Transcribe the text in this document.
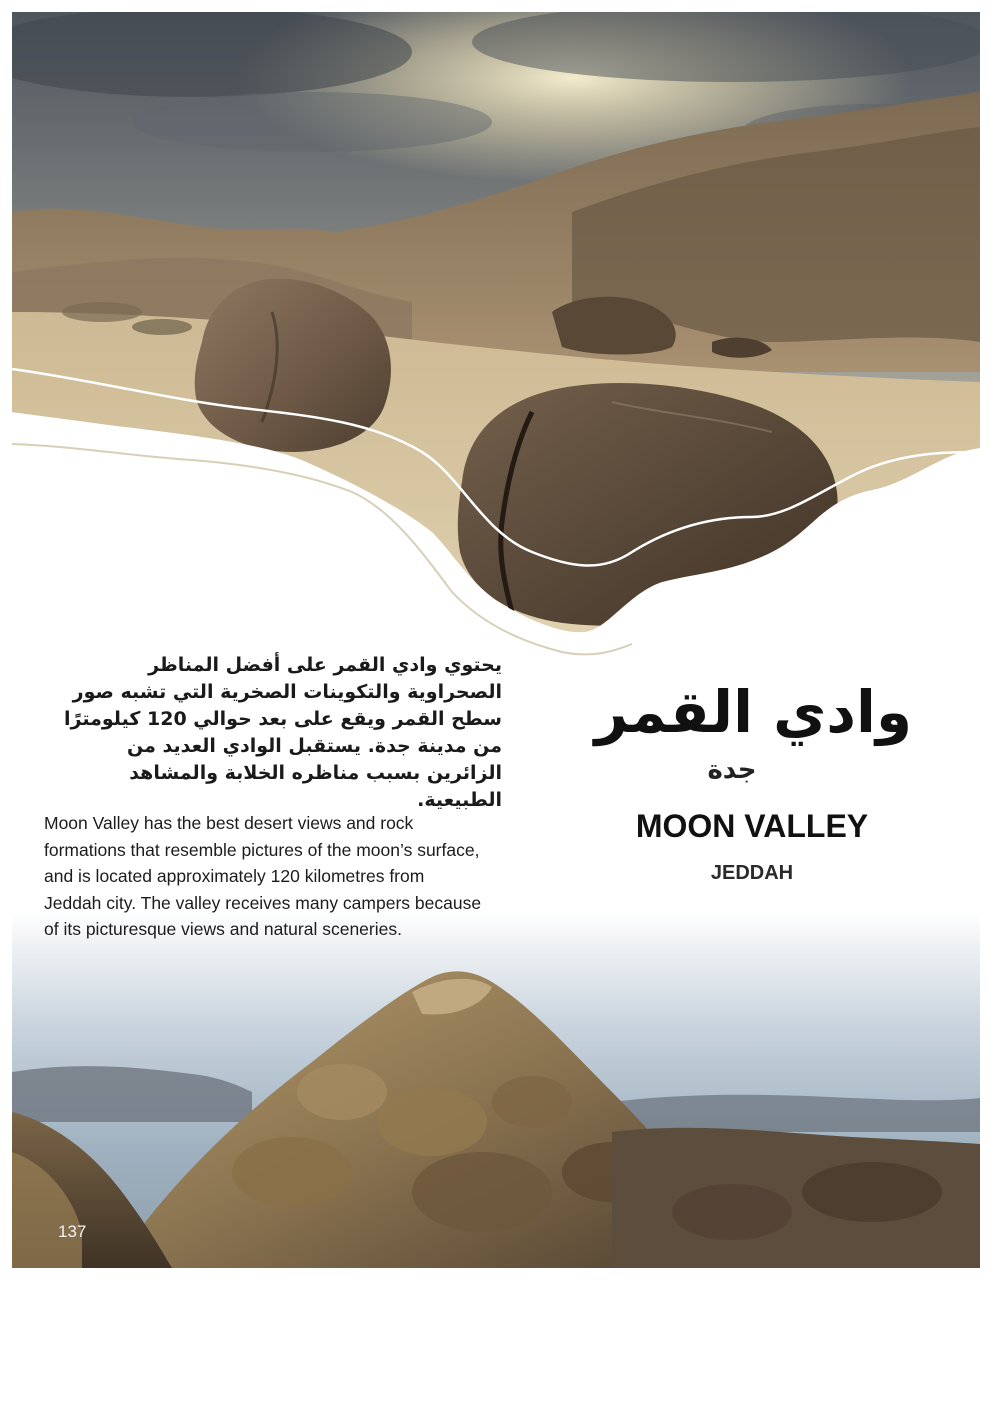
يحتوي وادي القمر على أفضل المناظر الصحراوية والتكوينات الصخرية التي تشبه صور سطح القمر ويقع على بعد حوالي 120 كيلومترًا من مدينة جدة. يستقبل الوادي العديد من الزائرين بسبب مناظره الخلابة والمشاهد الطبيعية.

Moon Valley has the best desert views and rock formations that resemble pictures of the moon’s surface, and is located approximately 120 kilometres from Jeddah city. The valley receives many campers because of its picturesque views and natural sceneries.

وادي القمر
جدة
MOON VALLEY
JEDDAH

137
